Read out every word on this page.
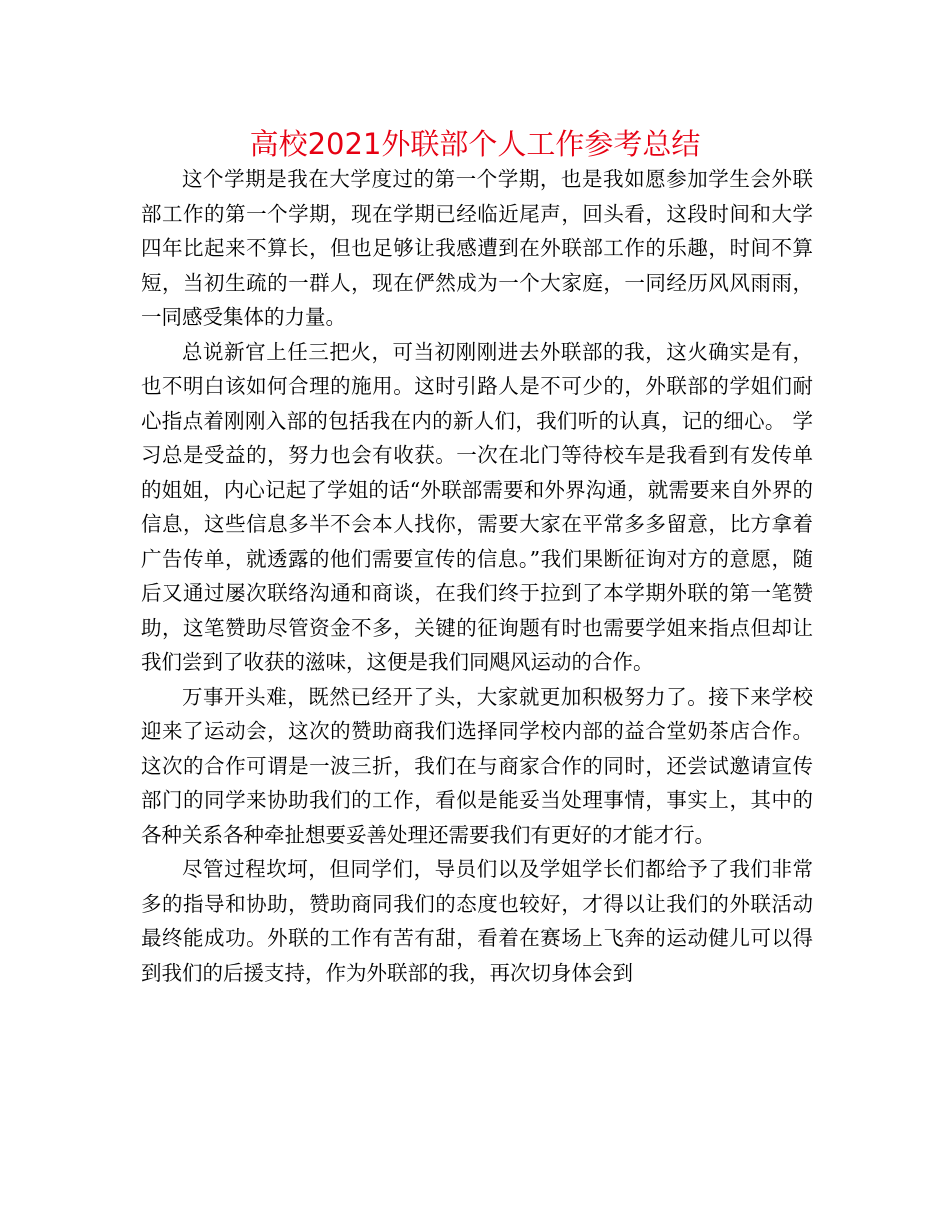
高校2021外联部个人工作参考总结

这个学期是我在大学度过的第一个学期，也是我如愿参加学生会外联部工作的第一个学期，现在学期已经临近尾声，回头看，这段时间和大学四年比起来不算长，但也足够让我感遭到在外联部工作的乐趣，时间不算短，当初生疏的一群人，现在俨然成为一个大家庭，一同经历风风雨雨，一同感受集体的力量。

总说新官上任三把火，可当初刚刚进去外联部的我，这火确实是有，也不明白该如何合理的施用。这时引路人是不可少的，外联部的学姐们耐心指点着刚刚入部的包括我在内的新人们，我们听的认真，记的细心。 学习总是受益的，努力也会有收获。一次在北门等待校车是我看到有发传单的姐姐，内心记起了学姐的话“外联部需要和外界沟通，就需要来自外界的信息，这些信息多半不会本人找你，需要大家在平常多多留意，比方拿着广告传单，就透露的他们需要宣传的信息。”我们果断征询对方的意愿，随后又通过屡次联络沟通和商谈，在我们终于拉到了本学期外联的第一笔赞助，这笔赞助尽管资金不多，关键的征询题有时也需要学姐来指点但却让我们尝到了收获的滋味，这便是我们同飓风运动的合作。

万事开头难，既然已经开了头，大家就更加积极努力了。接下来学校迎来了运动会，这次的赞助商我们选择同学校内部的益合堂奶茶店合作。这次的合作可谓是一波三折，我们在与商家合作的同时，还尝试邀请宣传部门的同学来协助我们的工作，看似是能妥当处理事情，事实上，其中的各种关系各种牵扯想要妥善处理还需要我们有更好的才能才行。

尽管过程坎坷，但同学们，导员们以及学姐学长们都给予了我们非常多的指导和协助，赞助商同我们的态度也较好，才得以让我们的外联活动最终能成功。外联的工作有苦有甜，看着在赛场上飞奔的运动健儿可以得到我们的后援支持，作为外联部的我，再次切身体会到
